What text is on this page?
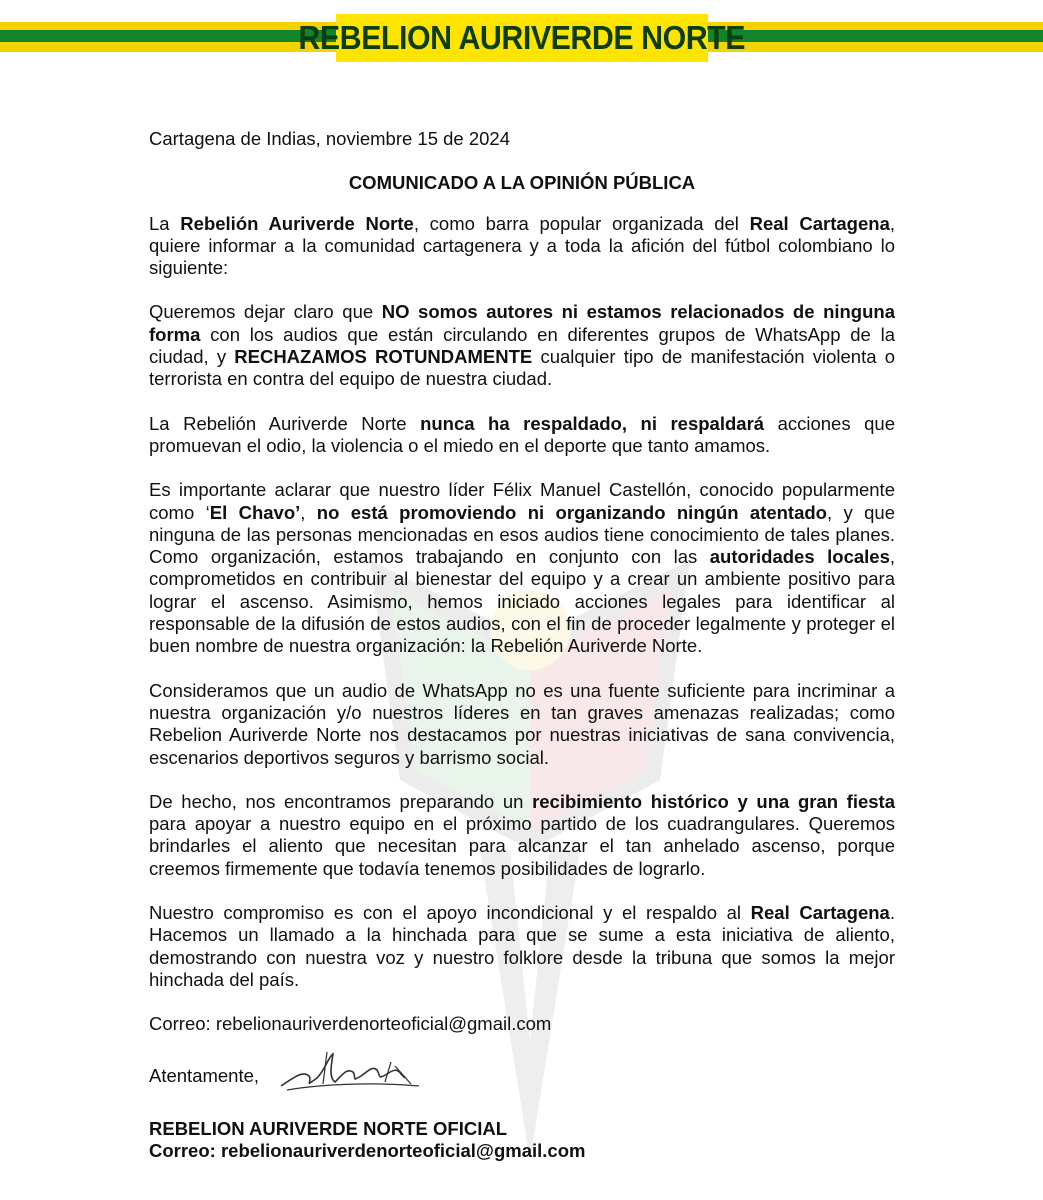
REBELION AURIVERDE NORTE

Cartagena de Indias, noviembre 15 de 2024

COMUNICADO A LA OPINIÓN PÚBLICA

La Rebelión Auriverde Norte, como barra popular organizada del Real Cartagena, quiere informar a la comunidad cartagenera y a toda la afición del fútbol colombiano lo siguiente:

Queremos dejar claro que NO somos autores ni estamos relacionados de ninguna forma con los audios que están circulando en diferentes grupos de WhatsApp de la ciudad, y RECHAZAMOS ROTUNDAMENTE cualquier tipo de manifestación violenta o terrorista en contra del equipo de nuestra ciudad.

La Rebelión Auriverde Norte nunca ha respaldado, ni respaldará acciones que promuevan el odio, la violencia o el miedo en el deporte que tanto amamos.

Es importante aclarar que nuestro líder Félix Manuel Castellón, conocido popularmente como ‘El Chavo’, no está promoviendo ni organizando ningún atentado, y que ninguna de las personas mencionadas en esos audios tiene conocimiento de tales planes. Como organización, estamos trabajando en conjunto con las autoridades locales, comprometidos en contribuir al bienestar del equipo y a crear un ambiente positivo para lograr el ascenso. Asimismo, hemos iniciado acciones legales para identificar al responsable de la difusión de estos audios, con el fin de proceder legalmente y proteger el buen nombre de nuestra organización: la Rebelión Auriverde Norte.

Consideramos que un audio de WhatsApp no es una fuente suficiente para incriminar a nuestra organización y/o nuestros líderes en tan graves amenazas realizadas; como Rebelion Auriverde Norte nos destacamos por nuestras iniciativas de sana convivencia, escenarios deportivos seguros y barrismo social.

De hecho, nos encontramos preparando un recibimiento histórico y una gran fiesta para apoyar a nuestro equipo en el próximo partido de los cuadrangulares. Queremos brindarles el aliento que necesitan para alcanzar el tan anhelado ascenso, porque creemos firmemente que todavía tenemos posibilidades de lograrlo.

Nuestro compromiso es con el apoyo incondicional y el respaldo al Real Cartagena. Hacemos un llamado a la hinchada para que se sume a esta iniciativa de aliento, demostrando con nuestra voz y nuestro folklore desde la tribuna que somos la mejor hinchada del país.

Correo: rebelionauriverdenorteoficial@gmail.com

Atentamente,
REBELION AURIVERDE NORTE OFICIAL
Correo: rebelionauriverdenorteoficial@gmail.com
